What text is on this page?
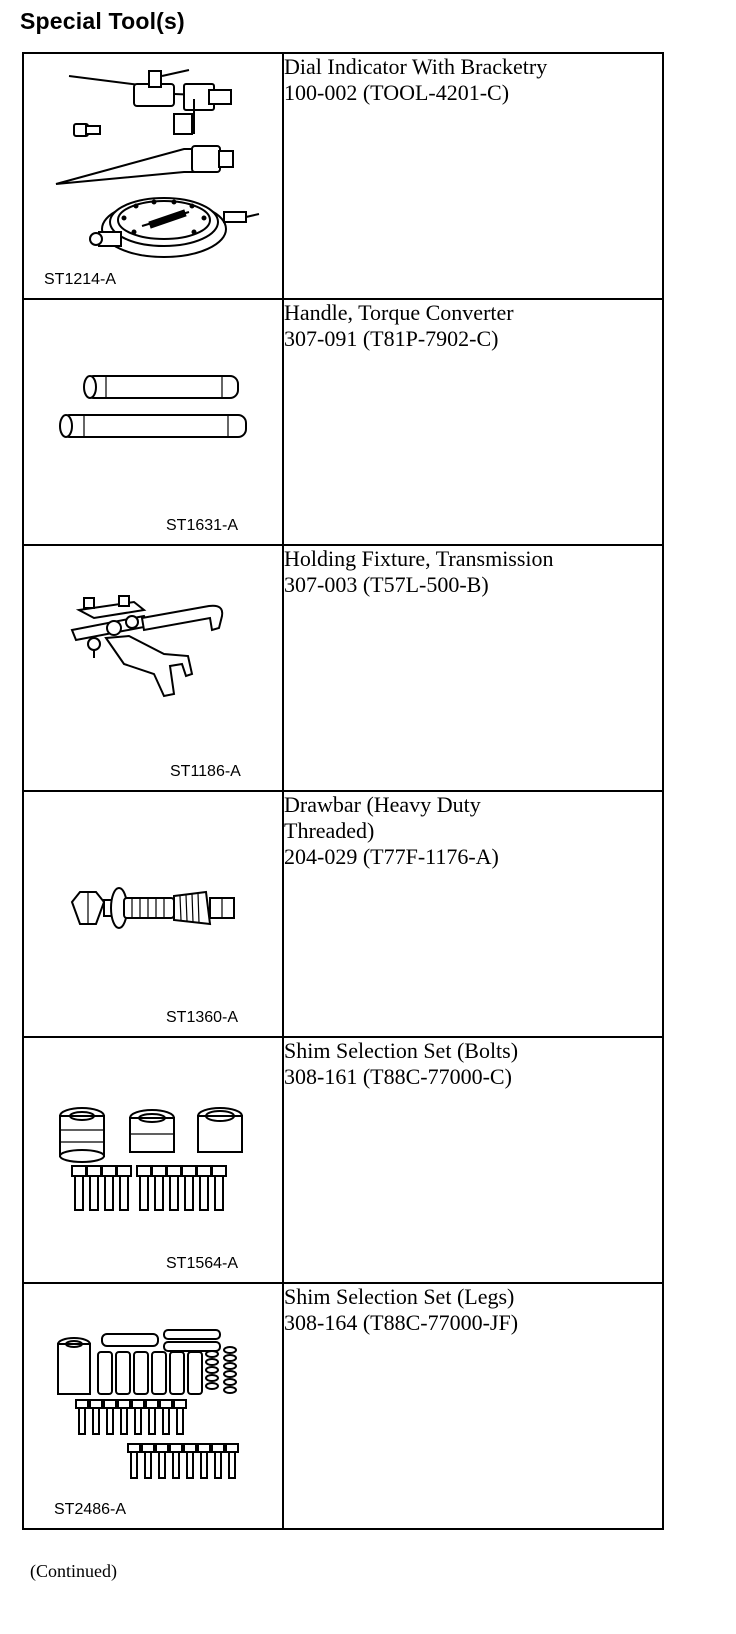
Special Tool(s)
ST1214-A	Dial Indicator With Bracketry
100-002 (TOOL-4201-C)

ST1631-A	Handle, Torque Converter
307-091 (T81P-7902-C)

ST1186-A	Holding Fixture, Transmission
307-003 (T57L-500-B)

ST1360-A	Drawbar (Heavy Duty
Threaded)
204-029 (T77F-1176-A)

ST1564-A	Shim Selection Set (Bolts)
308-161 (T88C-77000-C)

ST2486-A	Shim Selection Set (Legs)
308-164 (T88C-77000-JF)
(Continued)
